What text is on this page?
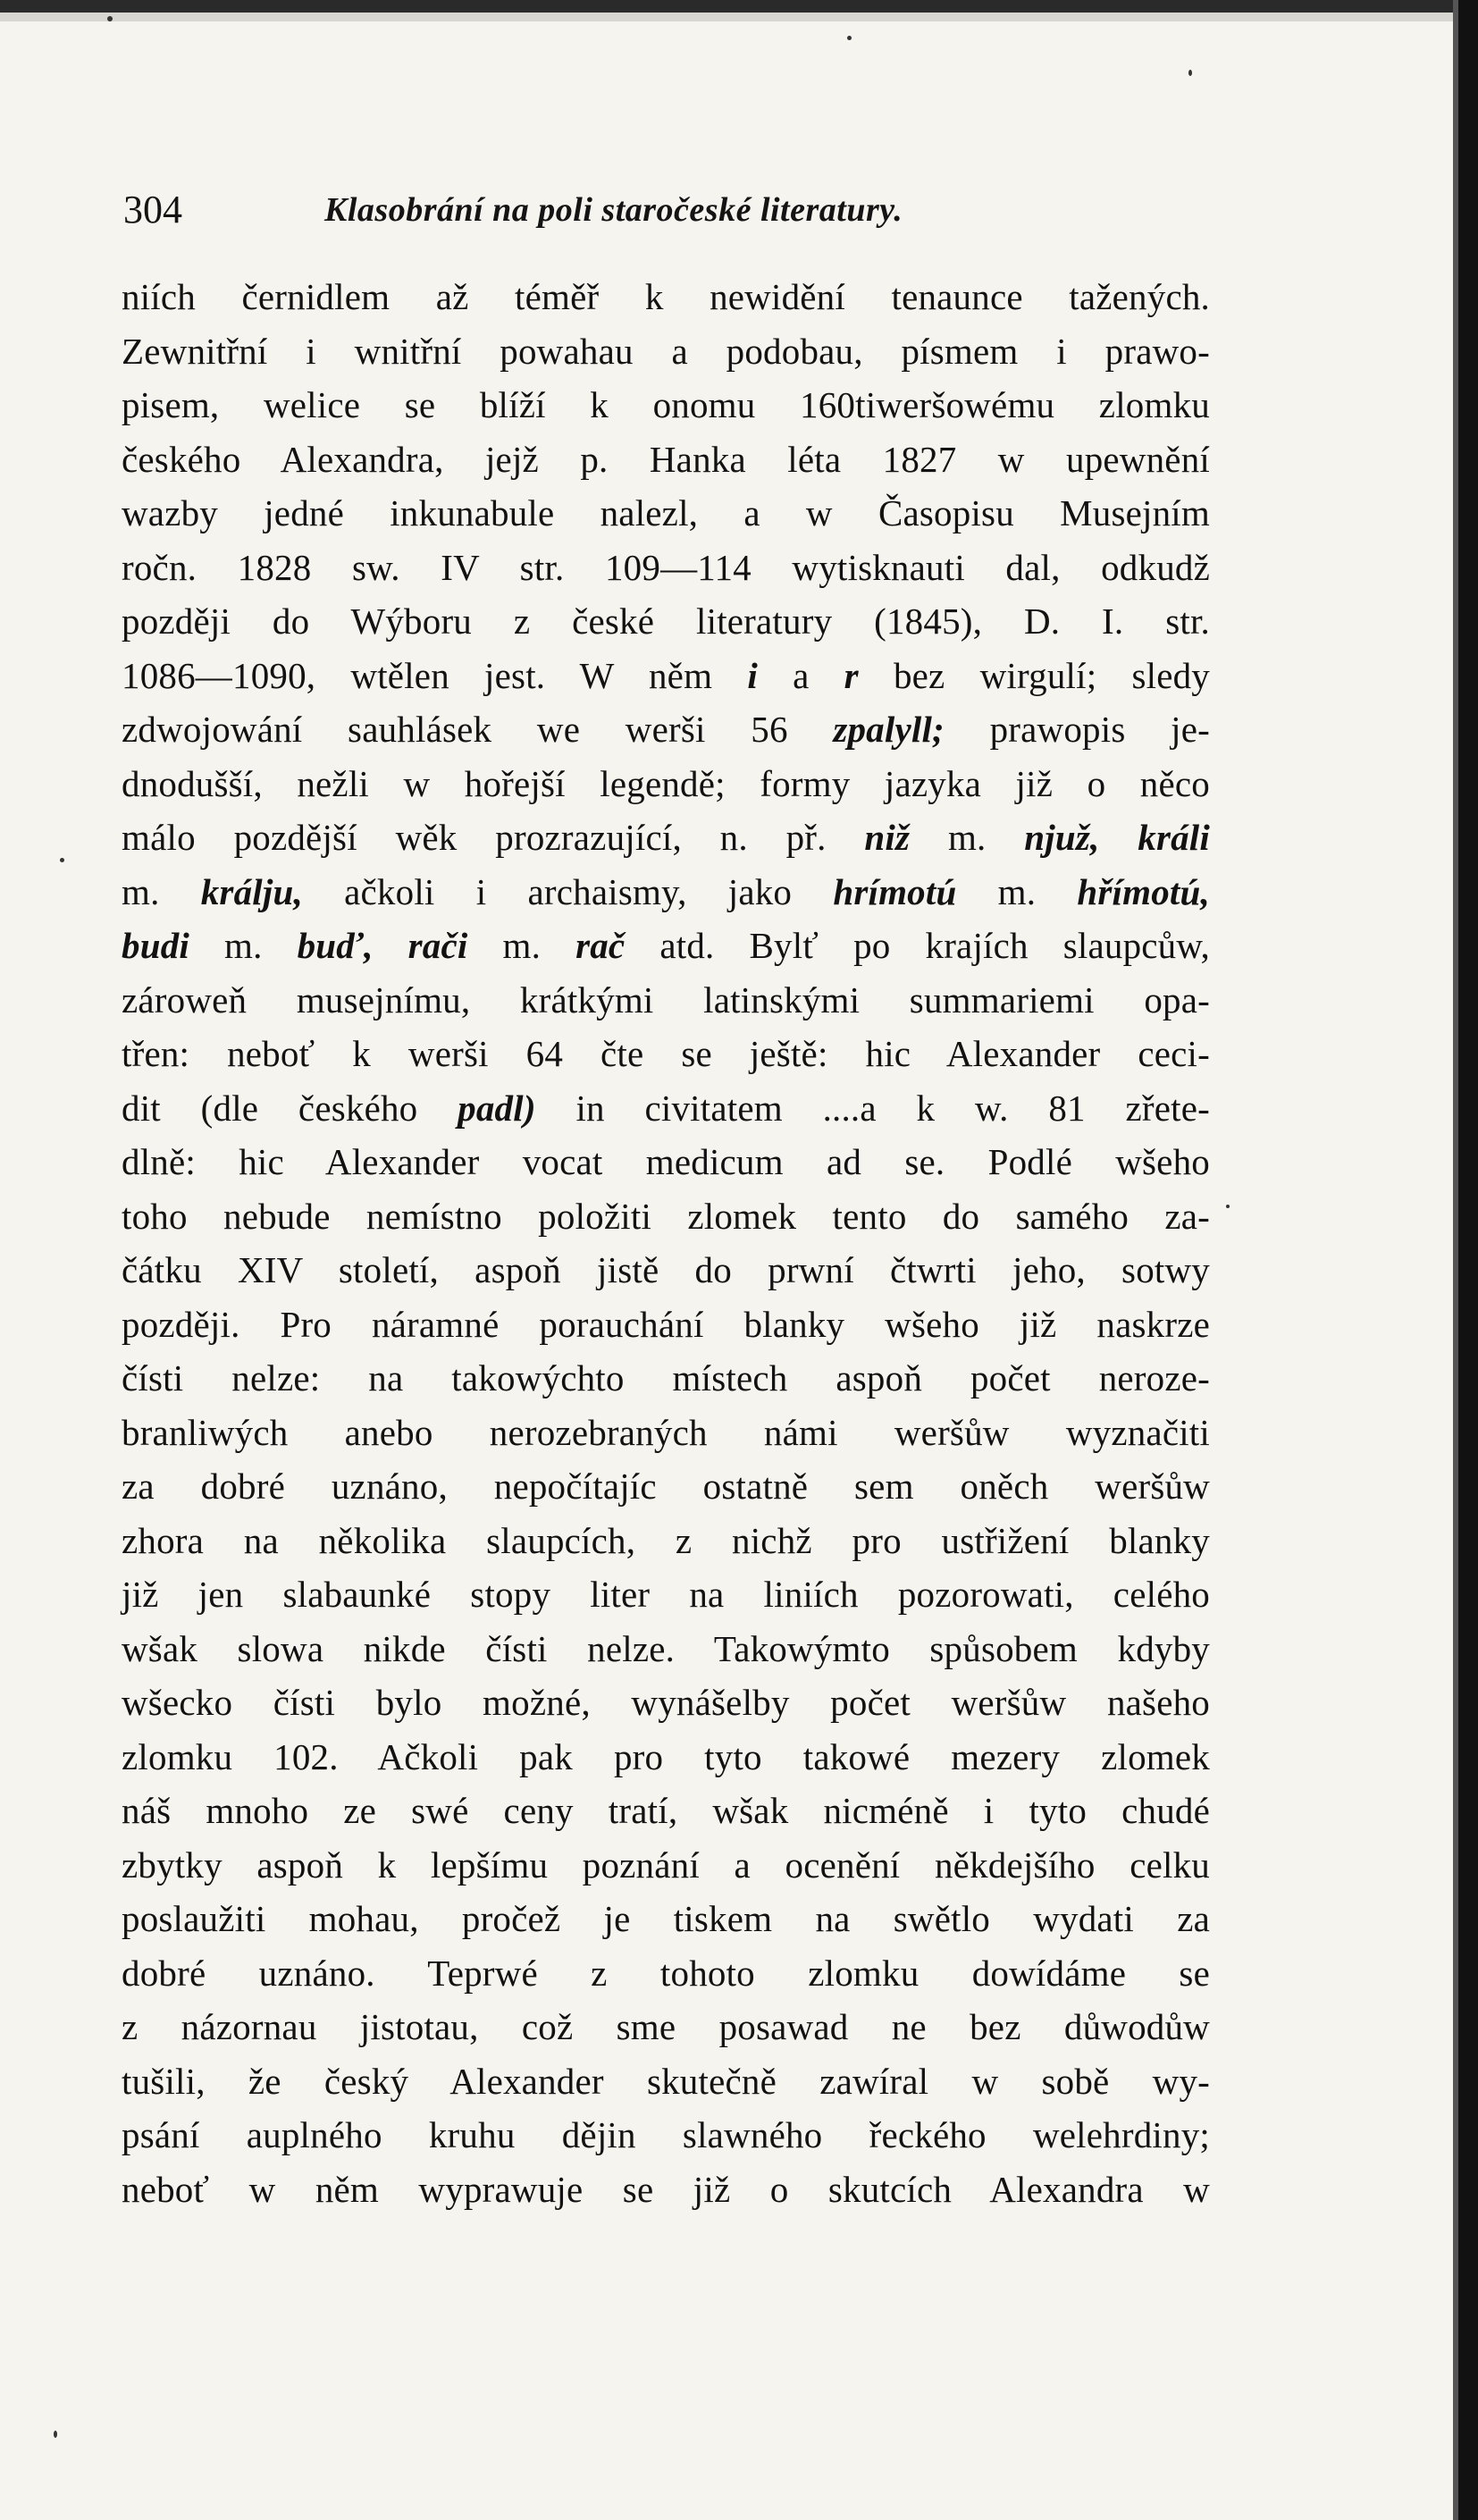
304	Klasobrání na poli staročeské literatury.
niích černidlem až téměř k newidění tenaunce tažených.
Zewnitřní i wnitřní powahau a podobau, písmem i prawo-
pisem, welice se blíží k onomu 160tiweršowému zlomku
českého Alexandra, jejž p. Hanka léta 1827 w upewnění
wazby jedné inkunabule nalezl, a w Časopisu Musejním
ročn. 1828 sw. IV str. 109—114 wytisknauti dal, odkudž
později do Wýboru z české literatury (1845), D. I. str.
1086—1090, wtělen jest. W něm i a r bez wirgulí; sledy
zdwojowání sauhlásek we werši 56 zpalyll; prawopis je-
dnodušší, nežli w hořejší legendě; formy jazyka již o něco
málo pozdější wěk prozrazující, n. př. niž m. njuž, králi
m. králju, ačkoli i archaismy, jako hrímotú m. hřímotú,
budi m. buď, rači m. rač atd. Bylť po krajích slaupcůw,
zároweň musejnímu, krátkými latinskými summariemi opa-
třen: neboť k werši 64 čte se ještě: hic Alexander ceci-
dit (dle českého padl) in civitatem ....a k w. 81 zřete-
dlně: hic Alexander vocat medicum ad se. Podlé wšeho
toho nebude nemístno položiti zlomek tento do samého za-
čátku XIV století, aspoň jistě do prwní čtwrti jeho, sotwy
později. Pro náramné porauchání blanky wšeho již naskrze
čísti nelze: na takowýchto místech aspoň počet neroze-
branliwých anebo nerozebraných námi weršůw wyznačiti
za dobré uznáno, nepočítajíc ostatně sem oněch weršůw
zhora na několika slaupcích, z nichž pro ustřižení blanky
již jen slabaunké stopy liter na liniích pozorowati, celého
wšak slowa nikde čísti nelze. Takowýmto spůsobem kdyby
wšecko čísti bylo možné, wynášelby počet weršůw našeho
zlomku 102. Ačkoli pak pro tyto takowé mezery zlomek
náš mnoho ze swé ceny tratí, wšak nicméně i tyto chudé
zbytky aspoň k lepšímu poznání a ocenění někdejšího celku
poslaužiti mohau, pročež je tiskem na swětlo wydati za
dobré uznáno. Teprwé z tohoto zlomku dowídáme se
z názornau jistotau, což sme posawad ne bez důwodůw
tušili, že český Alexander skutečně zawíral w sobě wy-
psání auplného kruhu dějin slawného řeckého welehrdiny;
neboť w něm wyprawuje se již o skutcích Alexandra w
